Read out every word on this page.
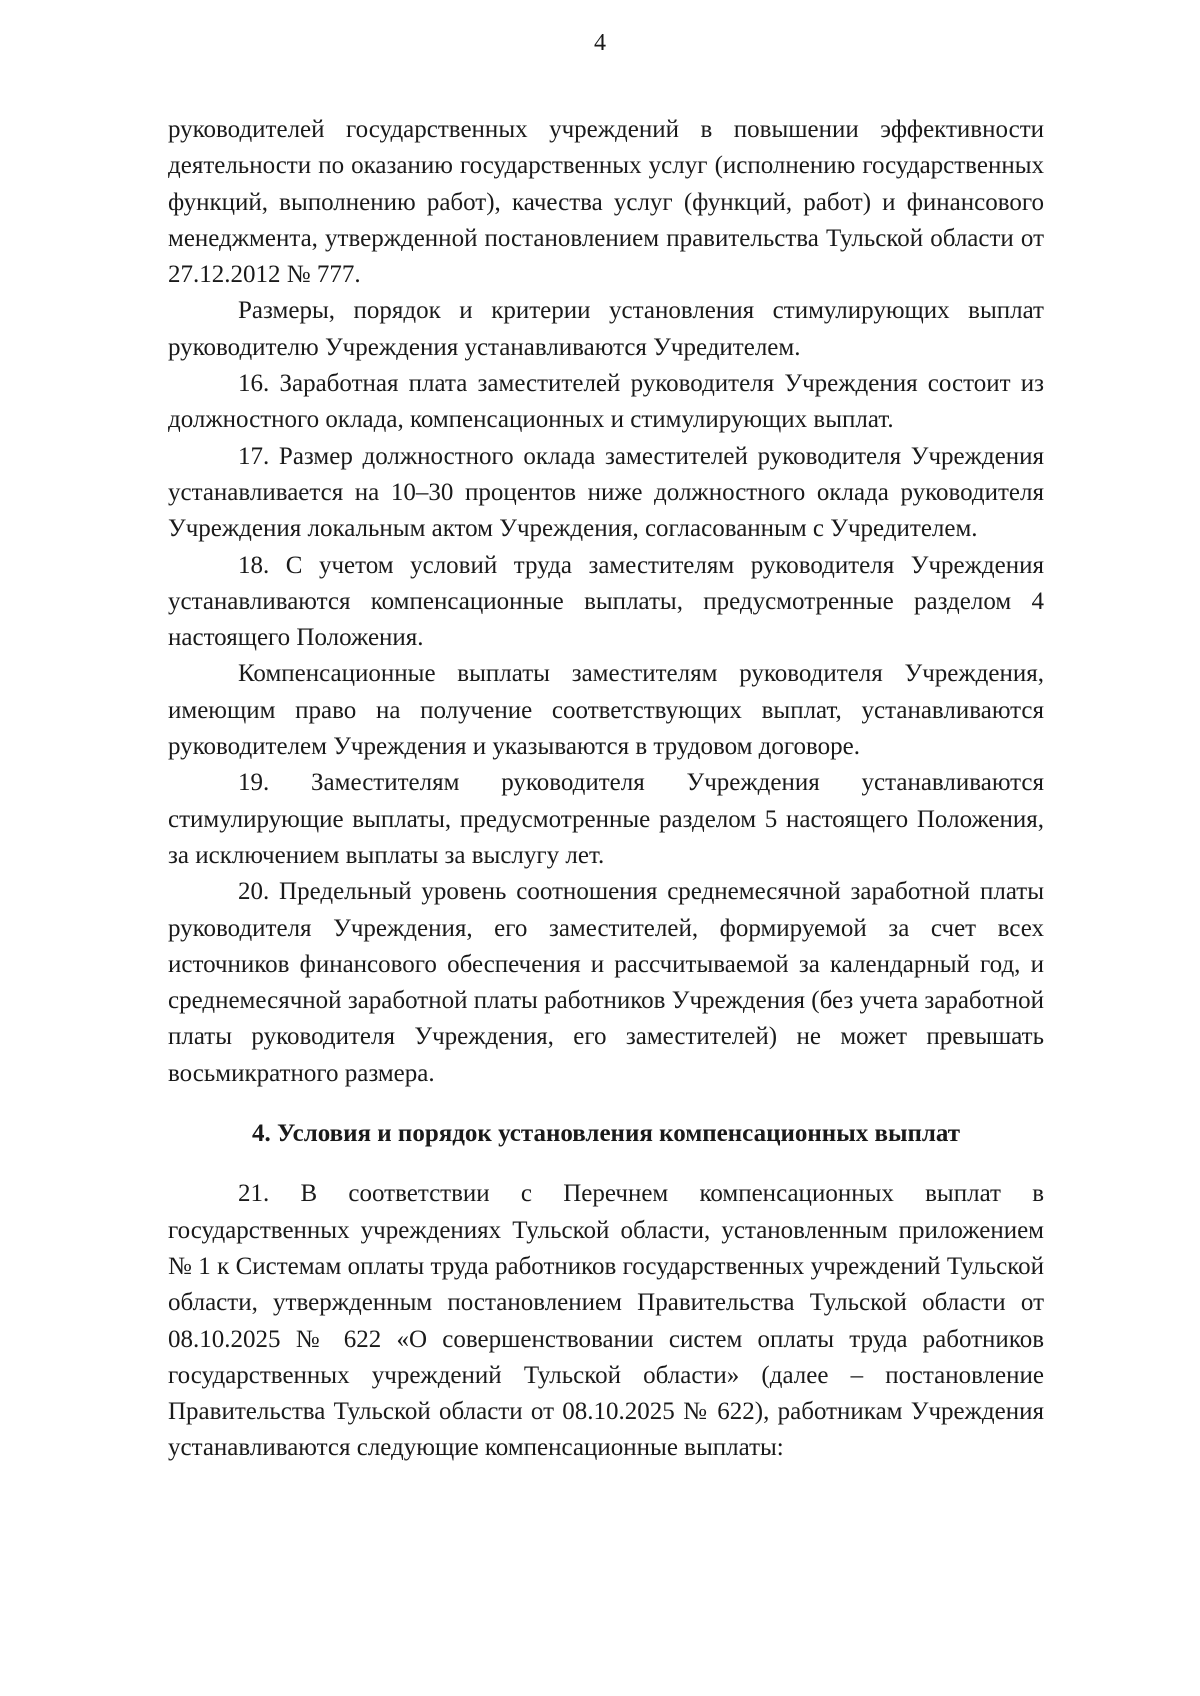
4

руководителей государственных учреждений в повышении эффективности деятельности по оказанию государственных услуг (исполнению государственных функций, выполнению работ), качества услуг (функций, работ) и финансового менеджмента, утвержденной постановлением правительства Тульской области от 27.12.2012 № 777.

Размеры, порядок и критерии установления стимулирующих выплат руководителю Учреждения устанавливаются Учредителем.

16. Заработная плата заместителей руководителя Учреждения состоит из должностного оклада, компенсационных и стимулирующих выплат.

17. Размер должностного оклада заместителей руководителя Учреждения устанавливается на 10–30 процентов ниже должностного оклада руководителя Учреждения локальным актом Учреждения, согласованным с Учредителем.

18. С учетом условий труда заместителям руководителя Учреждения устанавливаются компенсационные выплаты, предусмотренные разделом 4 настоящего Положения.

Компенсационные выплаты заместителям руководителя Учреждения, имеющим право на получение соответствующих выплат, устанавливаются руководителем Учреждения и указываются в трудовом договоре.

19. Заместителям руководителя Учреждения устанавливаются стимулирующие выплаты, предусмотренные разделом 5 настоящего Положения, за исключением выплаты за выслугу лет.

20. Предельный уровень соотношения среднемесячной заработной платы руководителя Учреждения, его заместителей, формируемой за счет всех источников финансового обеспечения и рассчитываемой за календарный год, и среднемесячной заработной платы работников Учреждения (без учета заработной платы руководителя Учреждения, его заместителей) не может превышать восьмикратного размера.

4. Условия и порядок установления компенсационных выплат

21. В соответствии с Перечнем компенсационных выплат в государственных учреждениях Тульской области, установленным приложением № 1 к Системам оплаты труда работников государственных учреждений Тульской области, утвержденным постановлением Правительства Тульской области от 08.10.2025 № 622 «О совершенствовании систем оплаты труда работников государственных учреждений Тульской области» (далее – постановление Правительства Тульской области от 08.10.2025 № 622), работникам Учреждения устанавливаются следующие компенсационные выплаты:
